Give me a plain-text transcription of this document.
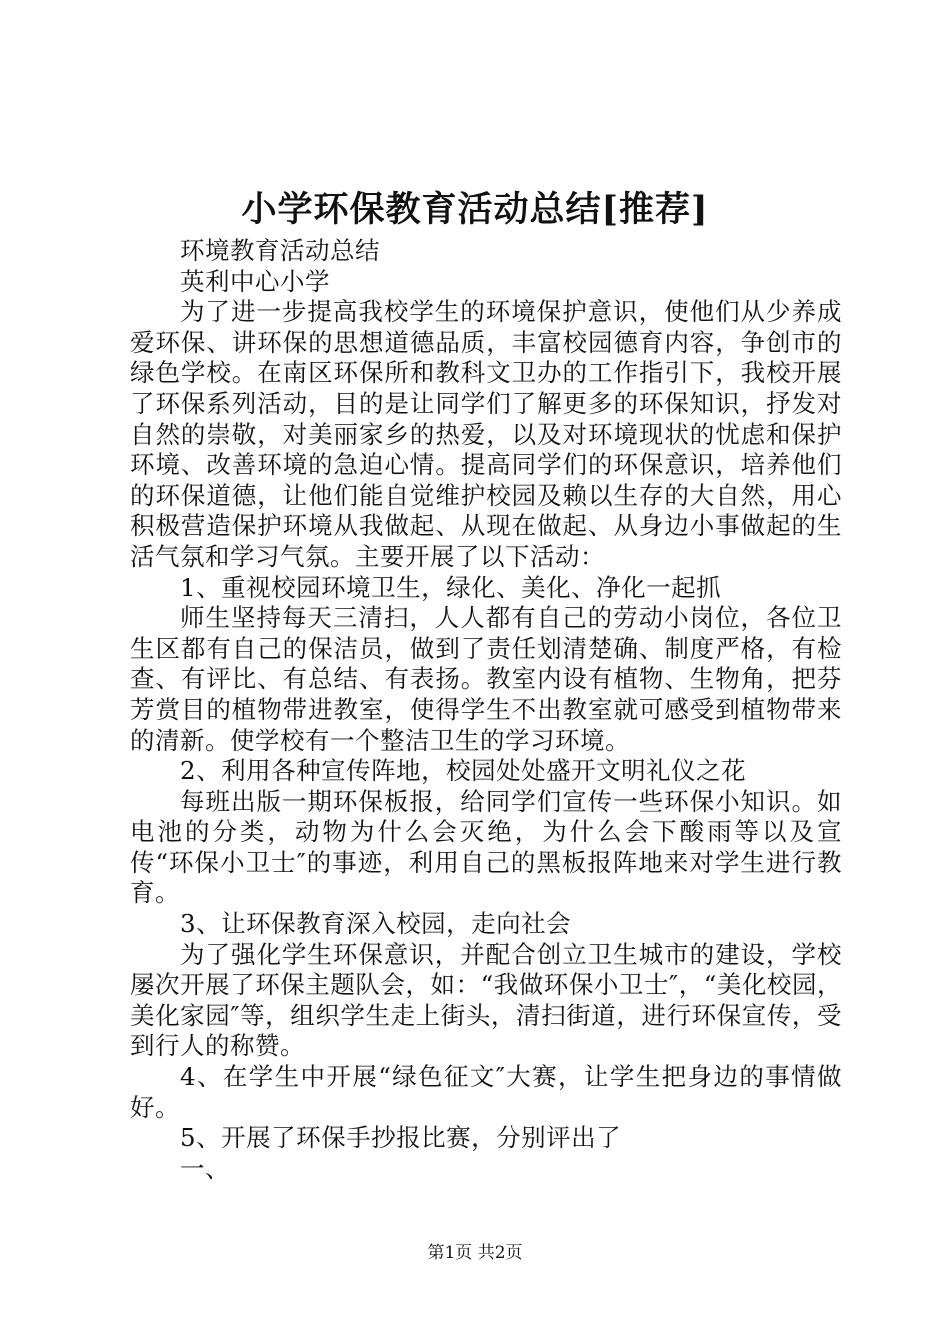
小学环保教育活动总结[推荐]

环境教育活动总结

英利中心小学

为了进一步提高我校学生的环境保护意识，使他们从少养成爱环保、讲环保的思想道德品质，丰富校园德育内容，争创市的绿色学校。在南区环保所和教科文卫办的工作指引下，我校开展了环保系列活动，目的是让同学们了解更多的环保知识，抒发对自然的崇敬，对美丽家乡的热爱，以及对环境现状的忧虑和保护环境、改善环境的急迫心情。提高同学们的环保意识，培养他们的环保道德，让他们能自觉维护校园及赖以生存的大自然，用心积极营造保护环境从我做起、从现在做起、从身边小事做起的生活气氛和学习气氛。主要开展了以下活动：

1、重视校园环境卫生，绿化、美化、净化一起抓

师生坚持每天三清扫，人人都有自己的劳动小岗位，各位卫生区都有自己的保洁员，做到了责任划清楚确、制度严格，有检查、有评比、有总结、有表扬。教室内设有植物、生物角，把芬芳赏目的植物带进教室，使得学生不出教室就可感受到植物带来的清新。使学校有一个整洁卫生的学习环境。

2、利用各种宣传阵地，校园处处盛开文明礼仪之花

每班出版一期环保板报，给同学们宣传一些环保小知识。如电池的分类，动物为什么会灭绝，为什么会下酸雨等以及宣传“环保小卫士″的事迹，利用自己的黑板报阵地来对学生进行教育。

3、让环保教育深入校园，走向社会

为了强化学生环保意识，并配合创立卫生城市的建设，学校屡次开展了环保主题队会，如：“我做环保小卫士″，“美化校园，美化家园″等，组织学生走上街头，清扫街道，进行环保宣传，受到行人的称赞。

4、在学生中开展“绿色征文″大赛，让学生把身边的事情做好。

5、开展了环保手抄报比赛，分别评出了

一、

第1页 共2页
